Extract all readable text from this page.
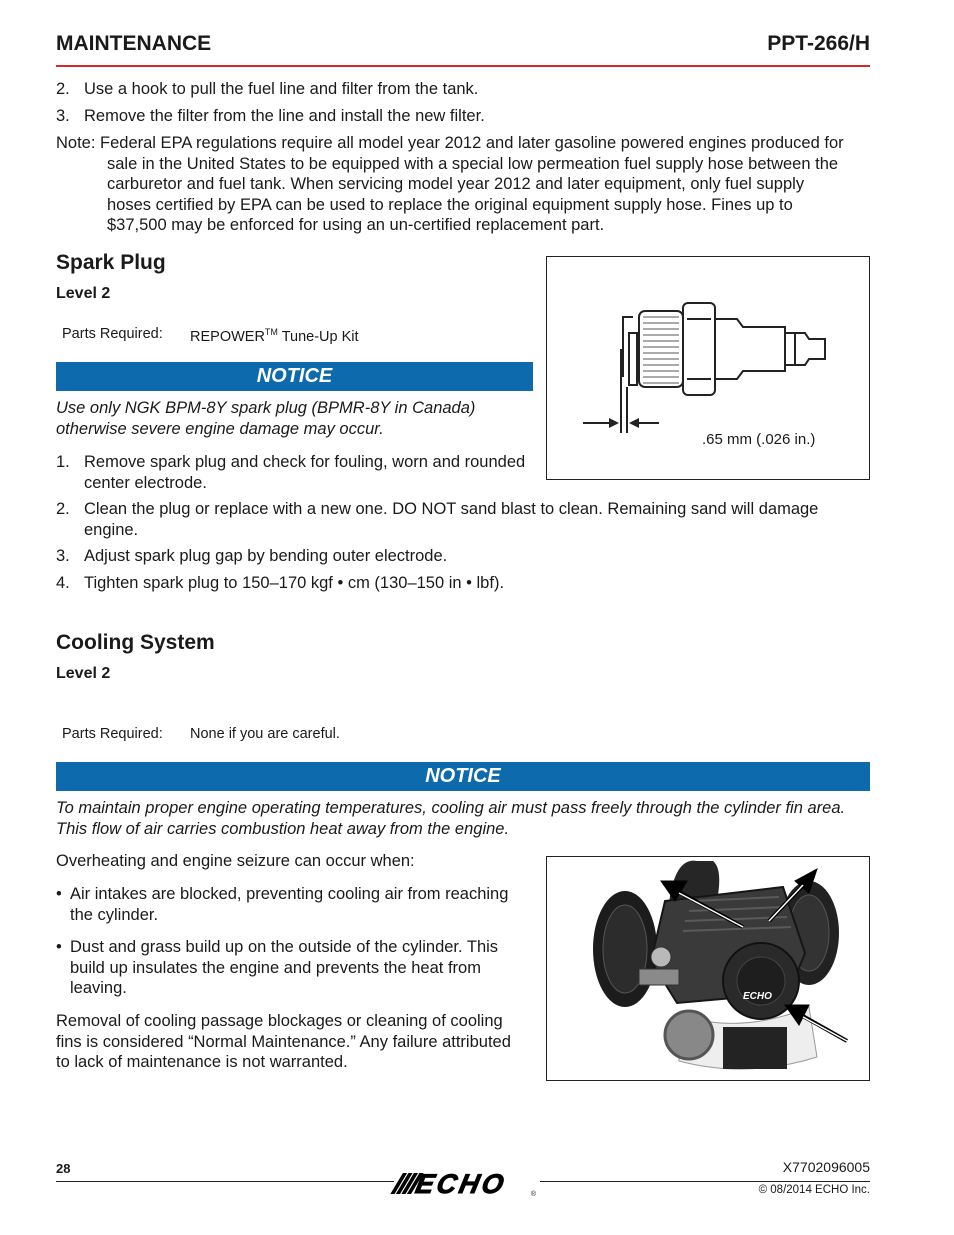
MAINTENANCE	PPT-266/H
2. Use a hook to pull the fuel line and filter from the tank.
3. Remove the filter from the line and install the new filter.
Note: Federal EPA regulations require all model year 2012 and later gasoline powered engines produced for
sale in the United States to be equipped with a special low permeation fuel supply hose between the
carburetor and fuel tank. When servicing model year 2012 and later equipment, only fuel supply
hoses certified by EPA can be used to replace the original equipment supply hose. Fines up to
$37,500 may be enforced for using an un-certified replacement part.
Spark Plug
Level 2
Parts Required: REPOWER™ Tune-Up Kit
NOTICE
Use only NGK BPM-8Y spark plug (BPMR-8Y in Canada)
otherwise severe engine damage may occur.
.65 mm (.026 in.)
1. Remove spark plug and check for fouling, worn and rounded
center electrode.
2. Clean the plug or replace with a new one. DO NOT sand blast to clean. Remaining sand will damage
engine.
3. Adjust spark plug gap by bending outer electrode.
4. Tighten spark plug to 150–170 kgf • cm (130–150 in • lbf).
Cooling System
Level 2
Parts Required: None if you are careful.
NOTICE
To maintain proper engine operating temperatures, cooling air must pass freely through the cylinder fin area.
This flow of air carries combustion heat away from the engine.
Overheating and engine seizure can occur when:
• Air intakes are blocked, preventing cooling air from reaching
the cylinder.
• Dust and grass build up on the outside of the cylinder. This
build up insulates the engine and prevents the heat from
leaving.
Removal of cooling passage blockages or cleaning of cooling
fins is considered “Normal Maintenance.” Any failure attributed
to lack of maintenance is not warranted.
ECHO
28
////ECHO	®
X7702096005
© 08/2014 ECHO Inc.
